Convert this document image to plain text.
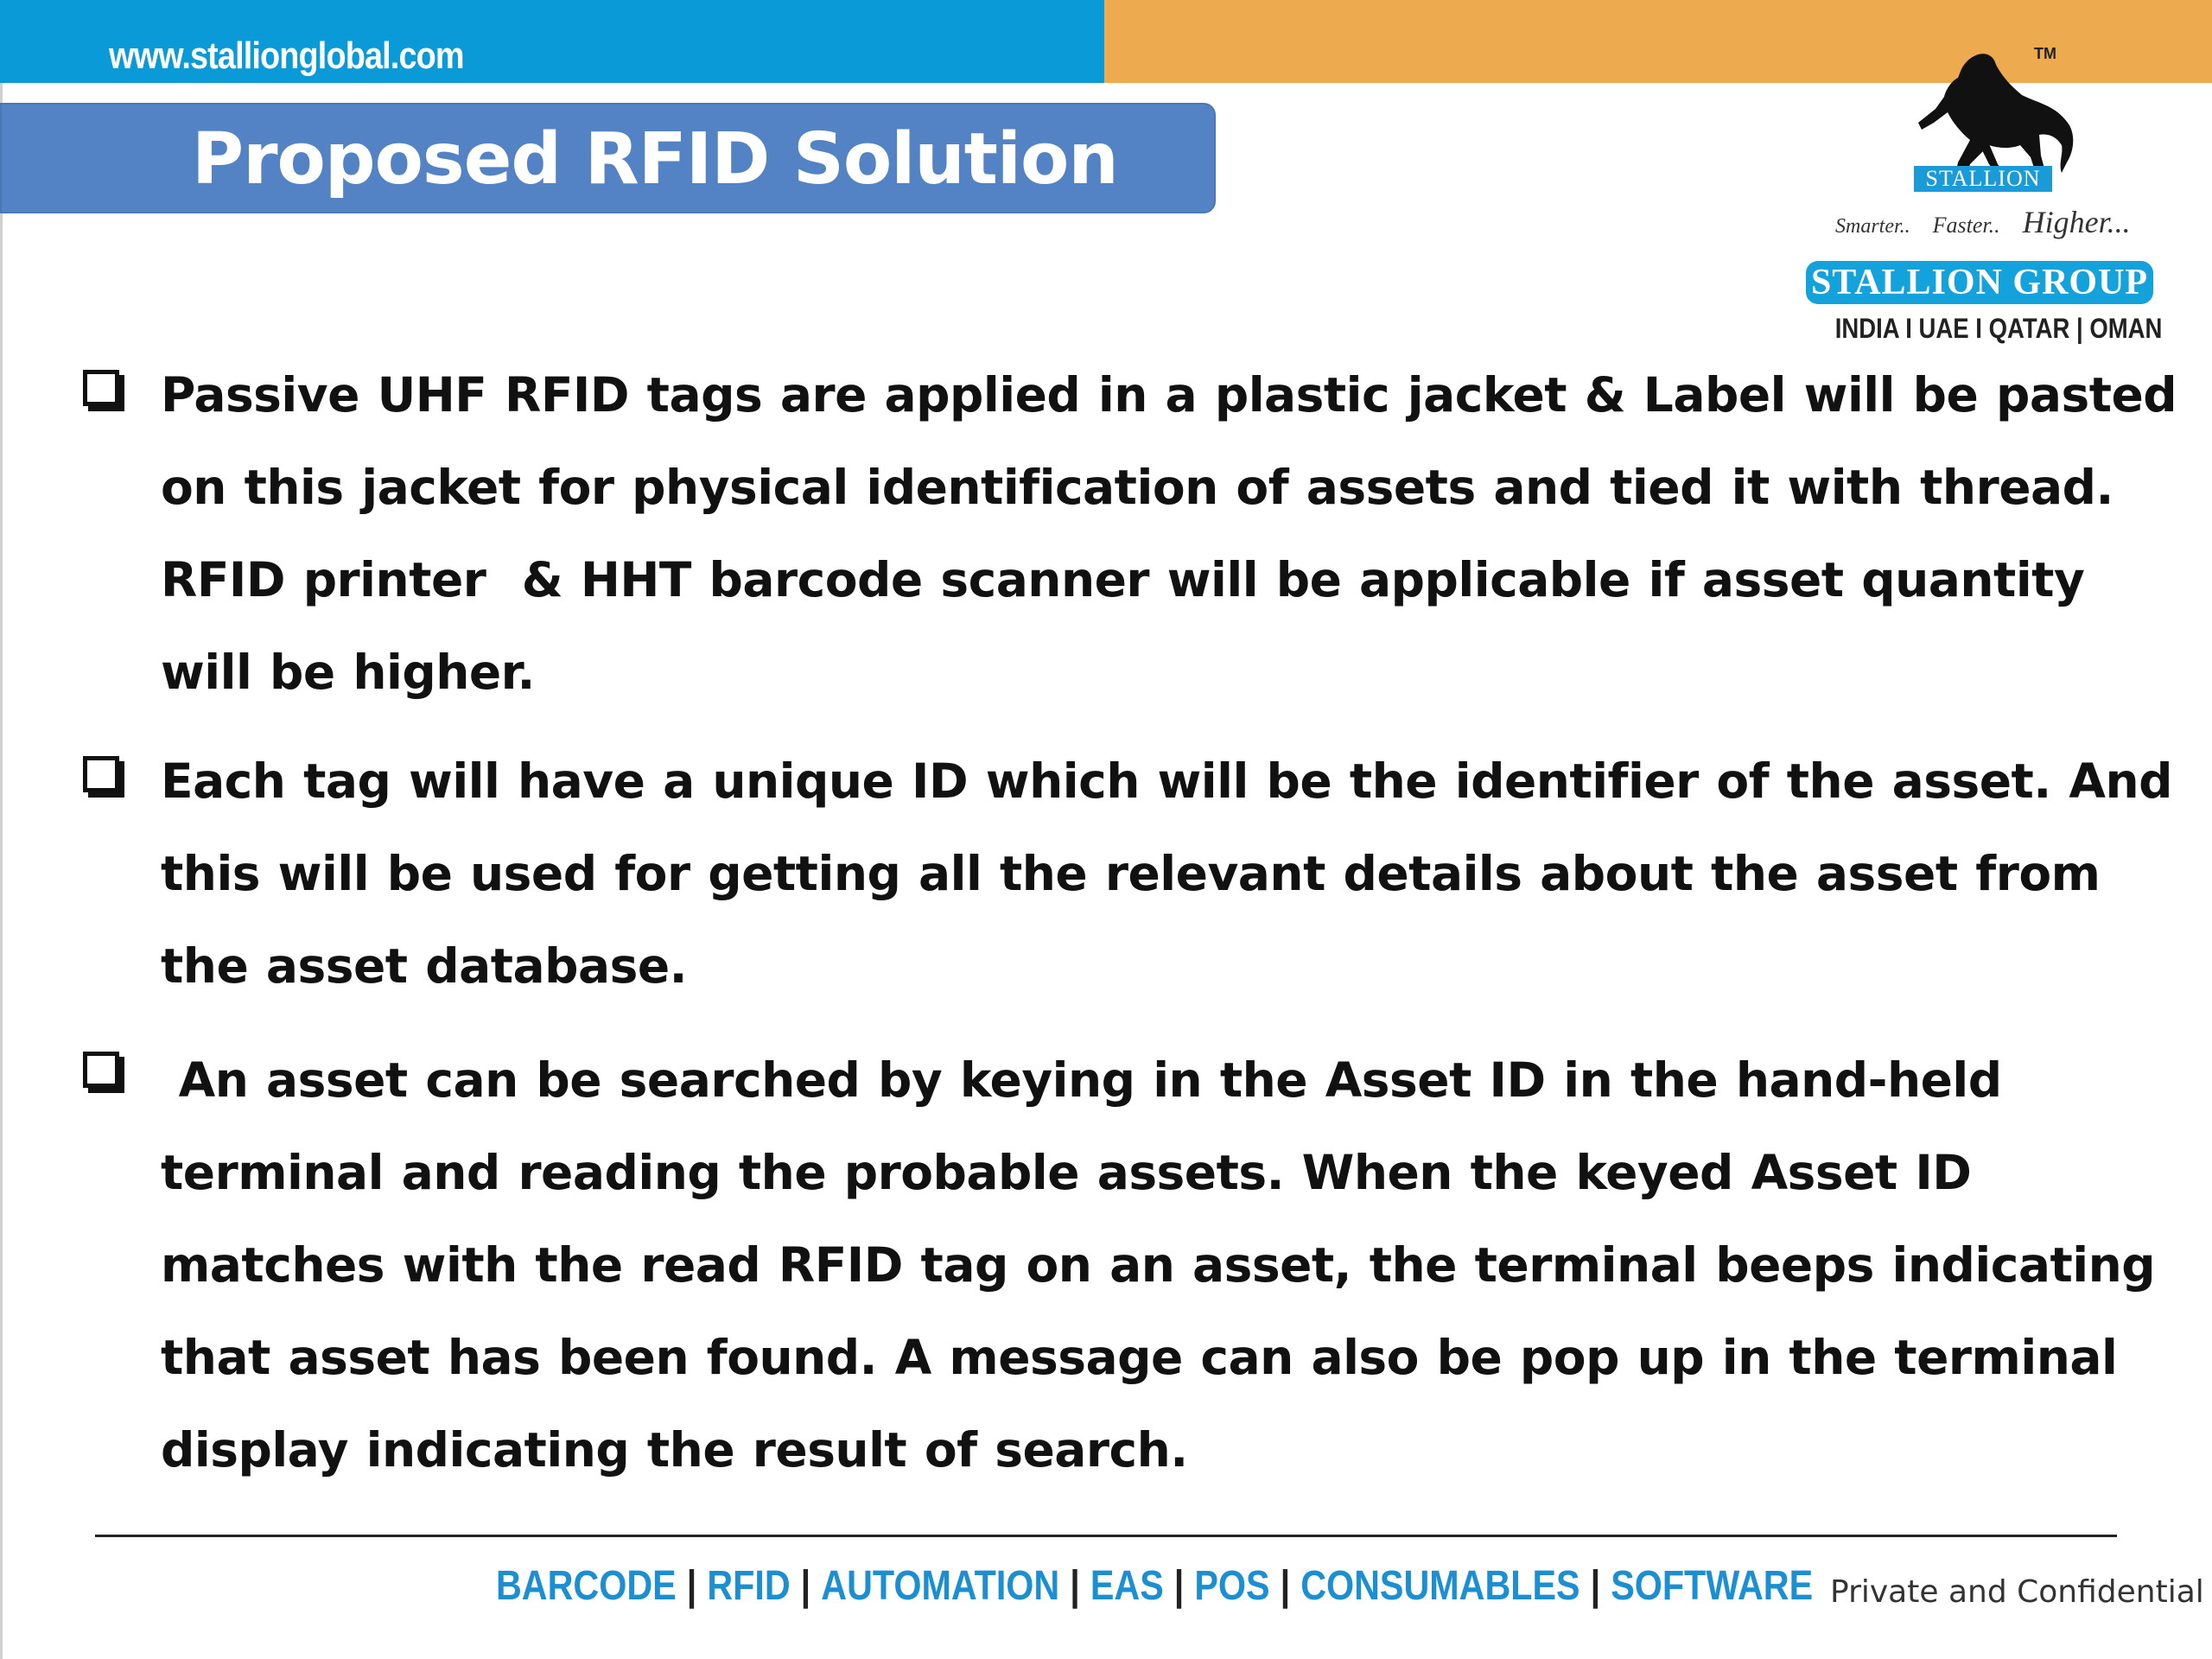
www.stallionglobal.com
Proposed RFID Solution
TM
STALLION
Smarter.. Faster.. Higher...
STALLION GROUP
INDIA I UAE I QATAR | OMAN
Passive UHF RFID tags are applied in a plastic jacket & Label will be pasted
on this jacket for physical identification of assets and tied it with thread.
RFID printer  & HHT barcode scanner will be applicable if asset quantity
will be higher.
Each tag will have a unique ID which will be the identifier of the asset. And
this will be used for getting all the relevant details about the asset from
the asset database.
An asset can be searched by keying in the Asset ID in the hand-held
terminal and reading the probable assets. When the keyed Asset ID
matches with the read RFID tag on an asset, the terminal beeps indicating
that asset has been found. A message can also be pop up in the terminal
display indicating the result of search.
BARCODE | RFID | AUTOMATION | EAS | POS | CONSUMABLES | SOFTWARE Private and Confidential
